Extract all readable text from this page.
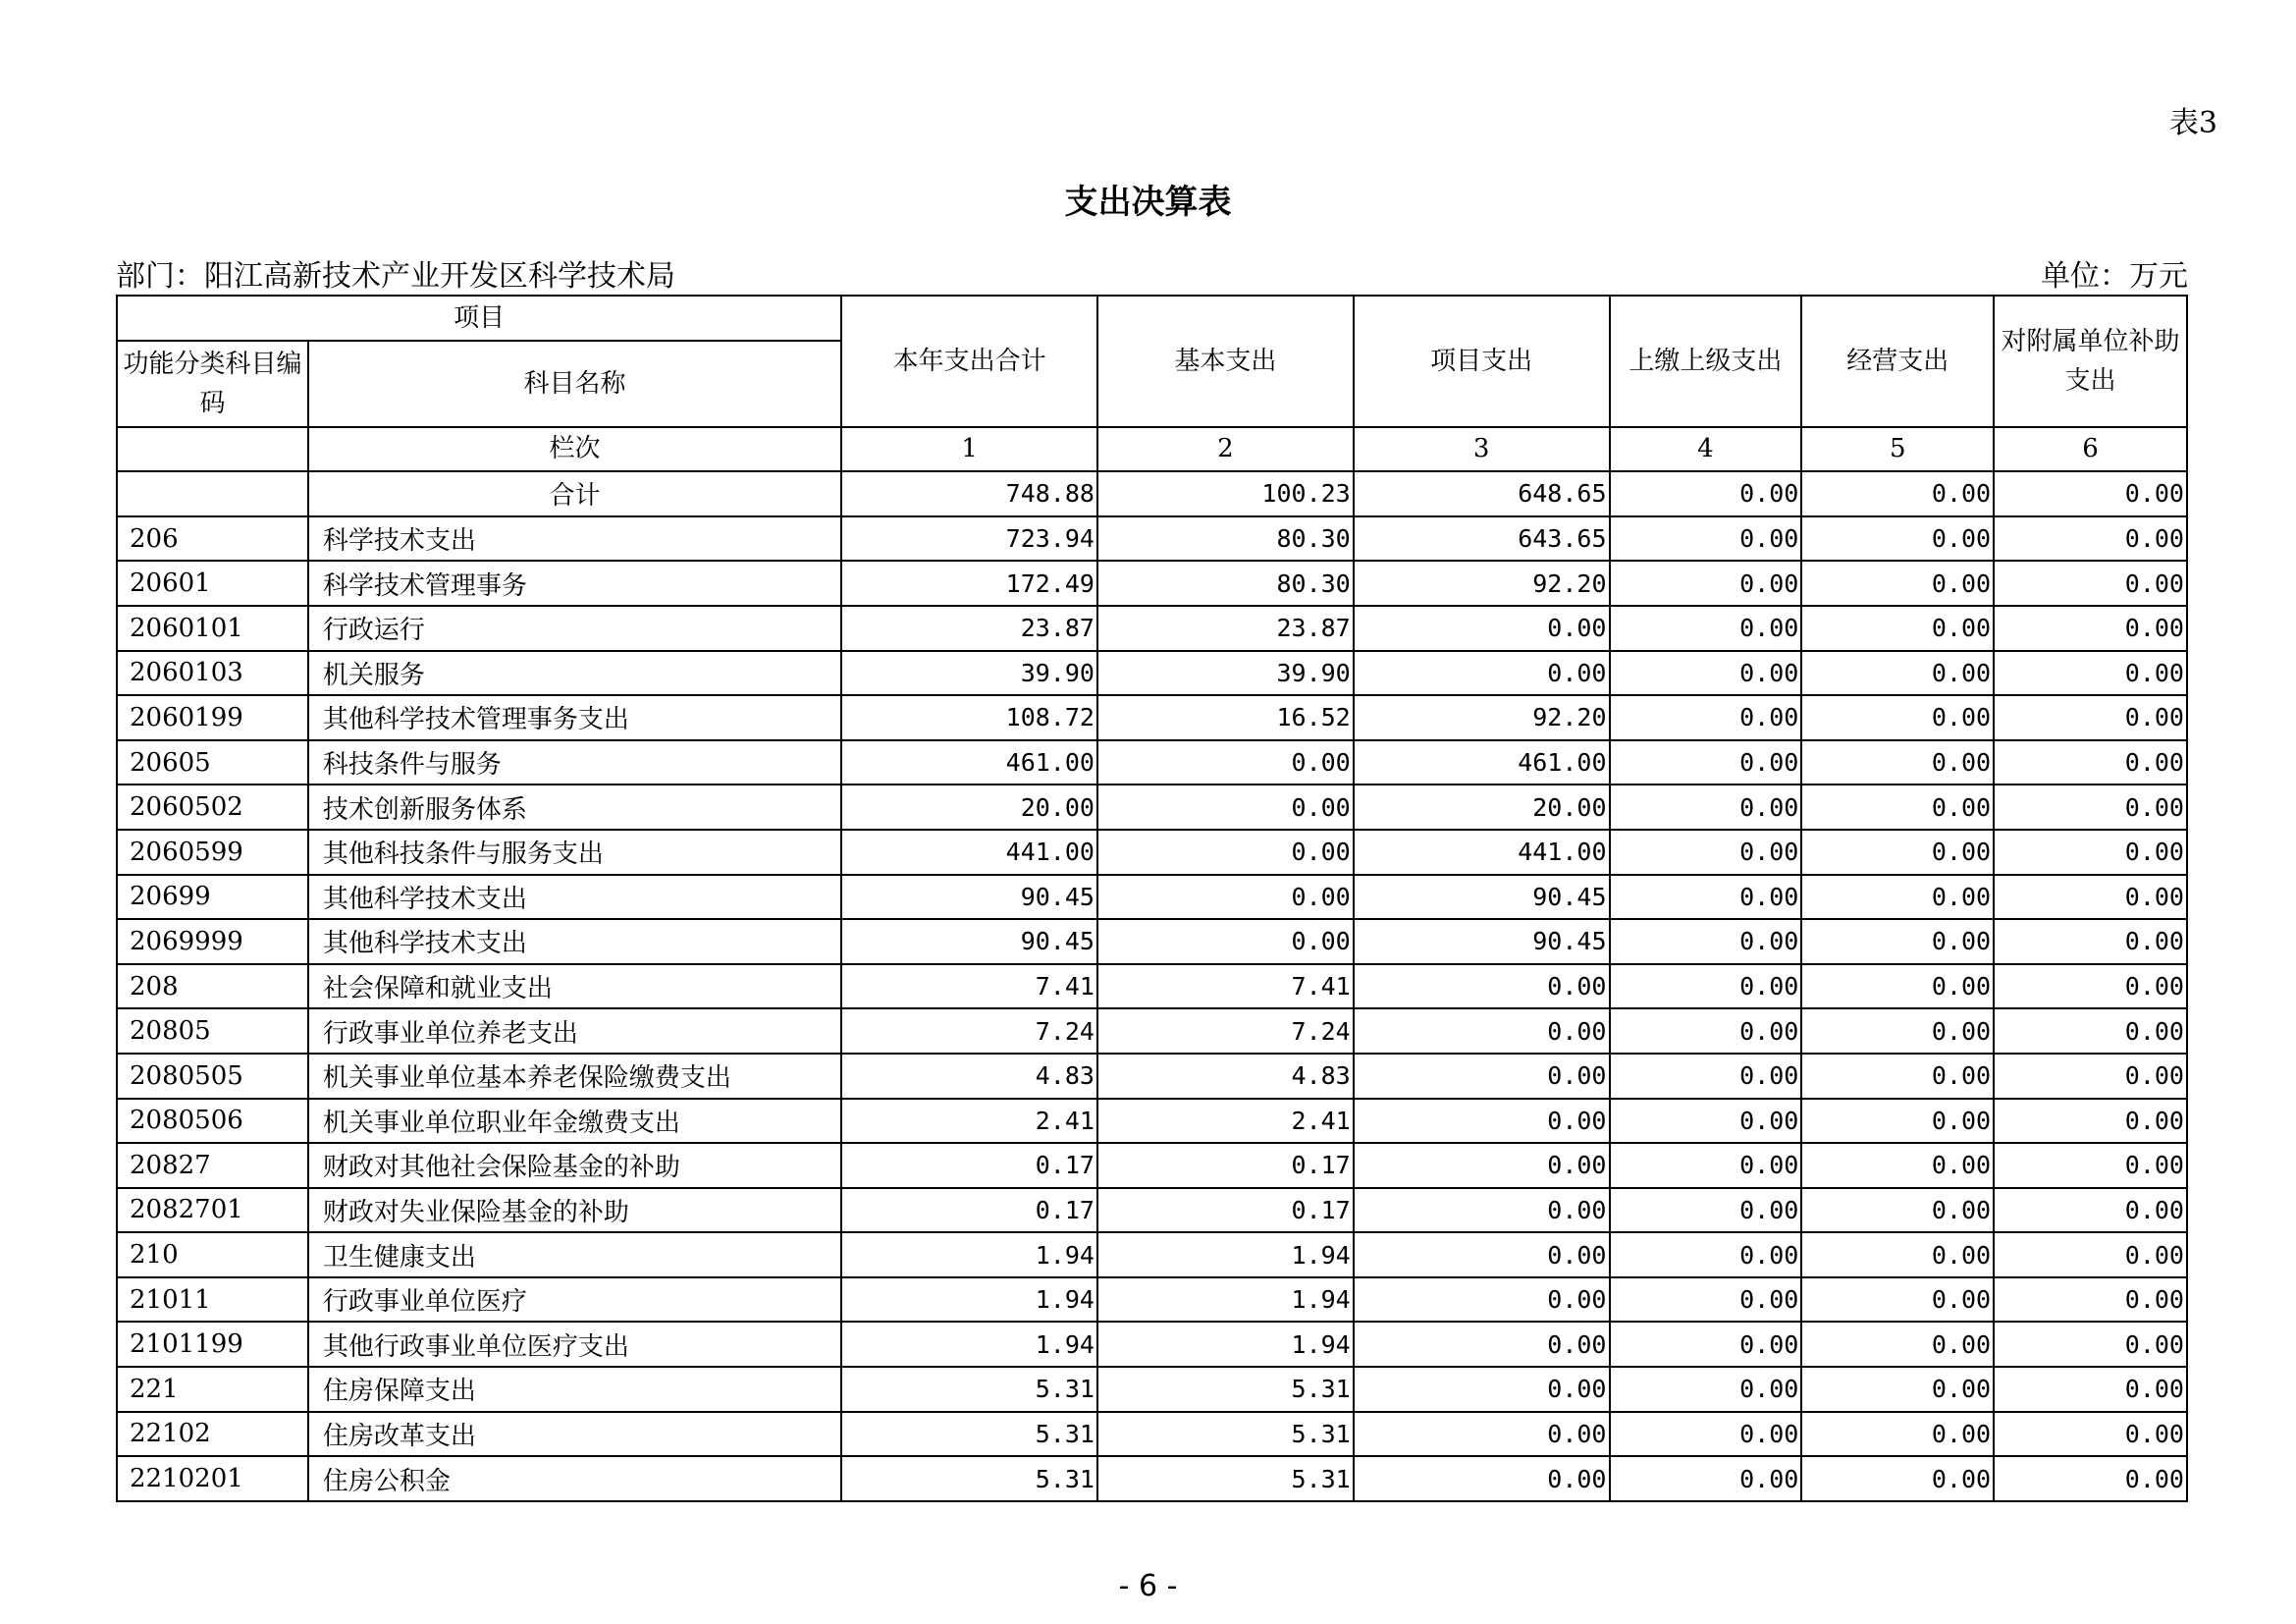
表3
支出决算表
部门：阳江高新技术产业开发区科学技术局	单位：万元
项目		本年支出合计	基本支出	项目支出	上缴上级支出	经营支出	对附属单位补助支出
功能分类科目编码	科目名称						
	栏次	1	2	3	4	5	6
	合计	748.88	100.23	648.65	0.00	0.00	0.00
206	科学技术支出	723.94	80.30	643.65	0.00	0.00	0.00
20601	科学技术管理事务	172.49	80.30	92.20	0.00	0.00	0.00
2060101	行政运行	23.87	23.87	0.00	0.00	0.00	0.00
2060103	机关服务	39.90	39.90	0.00	0.00	0.00	0.00
2060199	其他科学技术管理事务支出	108.72	16.52	92.20	0.00	0.00	0.00
20605	科技条件与服务	461.00	0.00	461.00	0.00	0.00	0.00
2060502	技术创新服务体系	20.00	0.00	20.00	0.00	0.00	0.00
2060599	其他科技条件与服务支出	441.00	0.00	441.00	0.00	0.00	0.00
20699	其他科学技术支出	90.45	0.00	90.45	0.00	0.00	0.00
2069999	其他科学技术支出	90.45	0.00	90.45	0.00	0.00	0.00
208	社会保障和就业支出	7.41	7.41	0.00	0.00	0.00	0.00
20805	行政事业单位养老支出	7.24	7.24	0.00	0.00	0.00	0.00
2080505	机关事业单位基本养老保险缴费支出	4.83	4.83	0.00	0.00	0.00	0.00
2080506	机关事业单位职业年金缴费支出	2.41	2.41	0.00	0.00	0.00	0.00
20827	财政对其他社会保险基金的补助	0.17	0.17	0.00	0.00	0.00	0.00
2082701	财政对失业保险基金的补助	0.17	0.17	0.00	0.00	0.00	0.00
210	卫生健康支出	1.94	1.94	0.00	0.00	0.00	0.00
21011	行政事业单位医疗	1.94	1.94	0.00	0.00	0.00	0.00
2101199	其他行政事业单位医疗支出	1.94	1.94	0.00	0.00	0.00	0.00
221	住房保障支出	5.31	5.31	0.00	0.00	0.00	0.00
22102	住房改革支出	5.31	5.31	0.00	0.00	0.00	0.00
2210201	住房公积金	5.31	5.31	0.00	0.00	0.00	0.00
- 6 -
